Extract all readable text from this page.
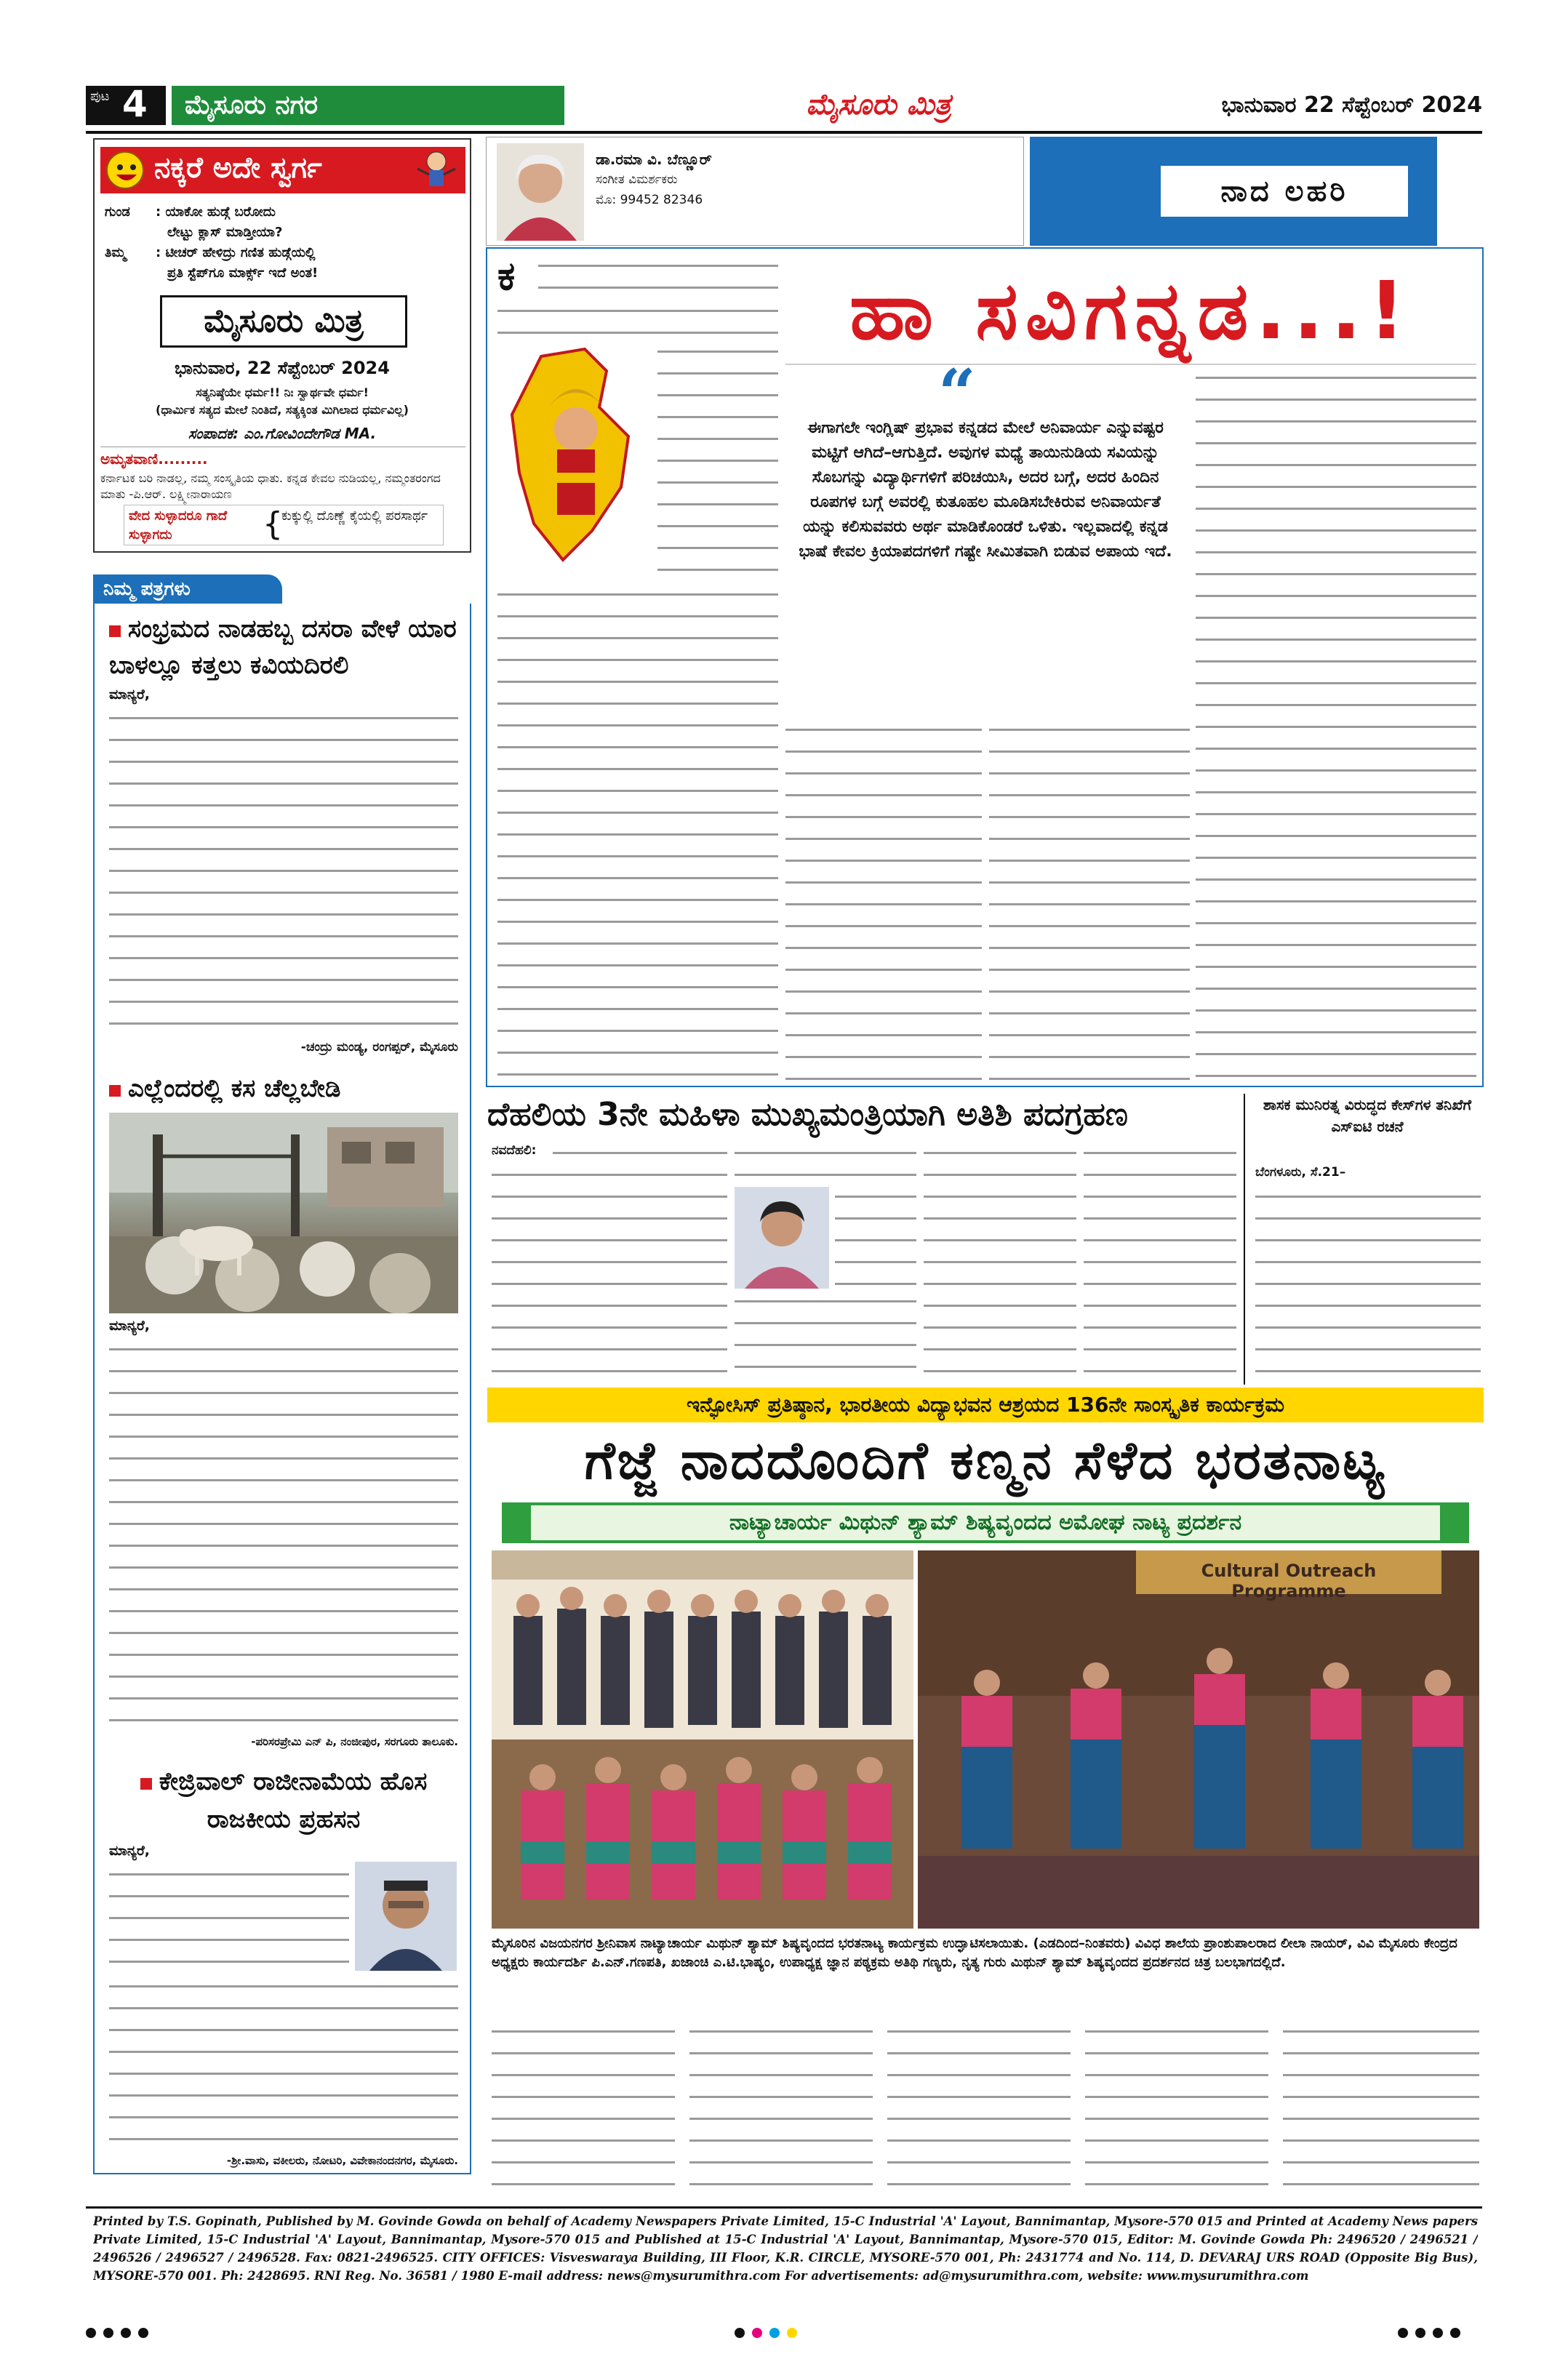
ಪುಟ 4	ಮೈಸೂರು ನಗರ	ಮೈಸೂರು ಮಿತ್ರ	ಭಾನುವಾರ 22 ಸೆಪ್ಟೆಂಬರ್ 2024
ನಕ್ಕರೆ ಅದೇ ಸ್ವರ್ಗ
ಗುಂಡ	: ಯಾಕೋ ಹುಡ್ಗೆ ಬರೋದು
ಲೇಟ್ಟು ಕ್ಲಾಸ್ ಮಾಡ್ತೀಯಾ?
ತಿಮ್ಮ	: ಟೀಚರ್ ಹೇಳಿದ್ರು ಗಣಿತ ಹುಡ್ಗೆಯಲ್ಲಿ
ಪ್ರತಿ ಸ್ಟೆಪ್‌ಗೂ ಮಾರ್ಕ್ಸ್ ಇದೆ ಅಂತ!
ಮೈಸೂರು ಮಿತ್ರ
ಭಾನುವಾರ, 22 ಸೆಪ್ಟೆಂಬರ್ 2024
ಸತ್ಯನಿಷ್ಠೆಯೇ ಧರ್ಮ!! ನಿಃ ಸ್ವಾರ್ಥವೇ ಧರ್ಮ!
(ಧಾರ್ಮಿಕ ಸತ್ಯದ ಮೇಲೆ ನಿಂತಿದೆ, ಸತ್ಯಕ್ಕಿಂತ ಮಿಗಿಲಾದ ಧರ್ಮವಿಲ್ಲ)
ಸಂಪಾದಕ: ಎಂ.ಗೋವಿಂದೇಗೌಡ MA.
ಅಮೃತವಾಣಿ.........
ಕರ್ನಾಟಕ ಬರಿ ನಾಡಲ್ಲ, ನಮ್ಮ ಸಂಸ್ಕೃತಿಯ ಧಾತು. ಕನ್ನಡ ಕೇವಲ ನುಡಿಯಲ್ಲ, ನಮ್ಮಂತರಂಗದ ಮಾತು -ಪಿ.ಆರ್. ಲಕ್ಷ್ಮೀನಾರಾಯಣ
ವೇದ ಸುಳ್ಳಾದರೂ ಗಾದೆ ಸುಳ್ಳಾಗದು	{
ಕುಕ್ಕುಲ್ಲಿ ದೊಣ್ಣೆ ಕೈಯಲ್ಲಿ ಪರಸಾರ್ಥ
ನಿಮ್ಮ ಪತ್ರಗಳು
ಸಂಭ್ರಮದ ನಾಡಹಬ್ಬ ದಸರಾ ವೇಳೆ ಯಾರ ಬಾಳಲ್ಲೂ ಕತ್ತಲು ಕವಿಯದಿರಲಿ
ಮಾನ್ಯರೆ,
-ಚಂದ್ರು ಮಂಡ್ಯ, ರಂಗಪ್ಪರ್, ಮೈಸೂರು
ಎಲ್ಲೆಂದರಲ್ಲಿ ಕಸ ಚೆಲ್ಲಬೇಡಿ
ಮಾನ್ಯರೆ,
-ಪರಿಸರಪ್ರೇಮಿ ಎನ್ ಪಿ, ನಂಜೀಪುರ, ಸರಗೂರು ತಾಲೂಕು.
ಕೇಜ್ರಿವಾಲ್ ರಾಜೀನಾಮೆಯ ಹೊಸ ರಾಜಕೀಯ ಪ್ರಹಸನ
ಮಾನ್ಯರೆ,
-ಶ್ರೀ.ವಾಸು, ವಕೀಲರು, ನೋಟರಿ, ವಿವೇಕಾನಂದನಗರ, ಮೈಸೂರು.
ಡಾ.ರಮಾ ವಿ. ಬೆಣ್ಣೂರ್
ಸಂಗೀತ ವಿಮರ್ಶಕರು
ಮೊ: 99452 82346	ನಾದ ಲಹರಿ
ಕ	ಹಾ ಸವಿಗನ್ನಡ...!
“
ಈಗಾಗಲೇ ಇಂಗ್ಲಿಷ್ ಪ್ರಭಾವ ಕನ್ನಡದ ಮೇಲೆ ಅನಿವಾರ್ಯ ಎನ್ನುವಷ್ಟರ ಮಟ್ಟಿಗೆ ಆಗಿದೆ–ಆಗುತ್ತಿದೆ. ಅವುಗಳ ಮಧ್ಯೆ ತಾಯಿನುಡಿಯ ಸವಿಯನ್ನು ಸೊಬಗನ್ನು ವಿದ್ಯಾರ್ಥಿಗಳಿಗೆ ಪರಿಚಯಿಸಿ, ಅದರ ಬಗ್ಗೆ, ಅದರ ಹಿಂದಿನ ರೂಪಗಳ ಬಗ್ಗೆ ಅವರಲ್ಲಿ ಕುತೂಹಲ ಮೂಡಿಸಬೇಕಿರುವ ಅನಿವಾರ್ಯತೆ ಯನ್ನು ಕಲಿಸುವವರು ಅರ್ಥ ಮಾಡಿಕೊಂಡರೆ ಒಳಿತು. ಇಲ್ಲವಾದಲ್ಲಿ ಕನ್ನಡ ಭಾಷೆ ಕೇವಲ ಕ್ರಿಯಾಪದಗಳಿಗೆ ಗಷ್ಟೇ ಸೀಮಿತವಾಗಿ ಬಿಡುವ ಅಪಾಯ ಇದೆ.
ದೆಹಲಿಯ 3ನೇ ಮಹಿಳಾ ಮುಖ್ಯಮಂತ್ರಿಯಾಗಿ ಅತಿಶಿ ಪದಗ್ರಹಣ
ನವದೆಹಲಿ:
ಶಾಸಕ ಮುನಿರತ್ನ ವಿರುದ್ಧದ ಕೇಸ್‌ಗಳ ತನಿಖೆಗೆ ಎಸ್‌ಐಟಿ ರಚನೆ
ಬೆಂಗಳೂರು, ಸೆ.21–
ಇನ್ಫೋಸಿಸ್ ಪ್ರತಿಷ್ಠಾನ, ಭಾರತೀಯ ವಿದ್ಯಾಭವನ ಆಶ್ರಯದ 136ನೇ ಸಾಂಸ್ಕೃತಿಕ ಕಾರ್ಯಕ್ರಮ
ಗೆಜ್ಜೆ ನಾದದೊಂದಿಗೆ ಕಣ್ಮನ ಸೆಳೆದ ಭರತನಾಟ್ಯ
ನಾಟ್ಯಾಚಾರ್ಯ ಮಿಥುನ್ ಶ್ಯಾಮ್ ಶಿಷ್ಯವೃಂದದ ಅಮೋಘ ನಾಟ್ಯ ಪ್ರದರ್ಶನ
Cultural Outreach Programme
ಮೈಸೂರಿನ ವಿಜಯನಗರ ಶ್ರೀನಿವಾಸ ನಾಟ್ಯಾಚಾರ್ಯ ಮಿಥುನ್ ಶ್ಯಾಮ್ ಶಿಷ್ಯವೃಂದದ ಭರತನಾಟ್ಯ ಕಾರ್ಯಕ್ರಮ ಉದ್ಘಾಟಿಸಲಾಯಿತು. (ಎಡದಿಂದ–ನಿಂತವರು) ವಿವಿಧ ಶಾಲೆಯ ಪ್ರಾಂಶುಪಾಲರಾದ ಲೀಲಾ ನಾಯರ್, ವಿವಿ ಮೈಸೂರು ಕೇಂದ್ರದ ಅಧ್ಯಕ್ಷರು ಕಾರ್ಯದರ್ಶಿ ಪಿ.ಎನ್.ಗಣಪತಿ, ಖಜಾಂಚಿ ಎ.ಟಿ.ಭಾಷ್ಯಂ, ಉಪಾಧ್ಯಕ್ಷ ಜ್ಞಾನ ಪಠ್ಯಕ್ರಮ ಅತಿಥಿ ಗಣ್ಯರು, ನೃತ್ಯ ಗುರು ಮಿಥುನ್ ಶ್ಯಾಮ್ ಶಿಷ್ಯವೃಂದದ ಪ್ರದರ್ಶನದ ಚಿತ್ರ ಬಲಭಾಗದಲ್ಲಿದೆ.
Printed by T.S. Gopinath, Published by M. Govinde Gowda on behalf of Academy Newspapers Private Limited, 15-C Industrial 'A' Layout, Bannimantap, Mysore-570 015 and Printed at Academy News papers Private Limited, 15-C Industrial 'A' Layout, Bannimantap, Mysore-570 015 and Published at 15-C Industrial 'A' Layout, Bannimantap, Mysore-570 015, Editor: M. Govinde Gowda Ph: 2496520 / 2496521 / 2496526 / 2496527 / 2496528. Fax: 0821-2496525. CITY OFFICES: Visveswaraya Building, III Floor, K.R. CIRCLE, MYSORE-570 001, Ph: 2431774 and No. 114, D. DEVARAJ URS ROAD (Opposite Big Bus), MYSORE-570 001. Ph: 2428695. RNI Reg. No. 36581 / 1980 E-mail address: news@mysurumithra.com For advertisements: ad@mysurumithra.com, website: www.mysurumithra.com
